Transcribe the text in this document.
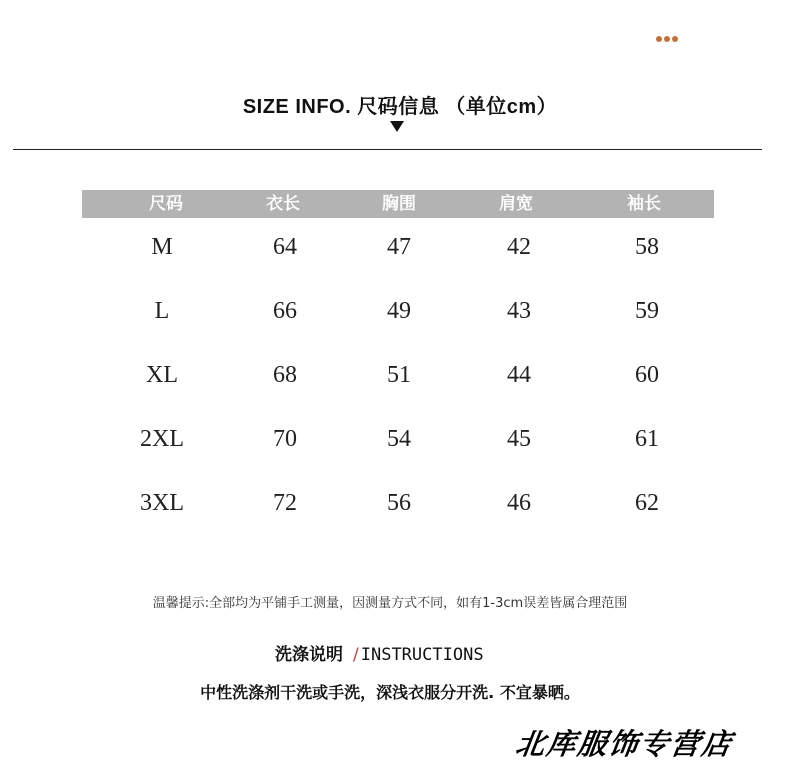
SIZE INFO. 尺码信息 （单位cm）
尺码	衣长	胸围	肩宽	袖长
M	64	47	42	58
L	66	49	43	59
XL	68	51	44	60
2XL	70	54	45	61
3XL	72	56	46	62
温馨提示:全部均为平铺手工测量，因测量方式不同，如有1-3cm误差皆属合理范围
洗涤说明 / INSTRUCTIONS
中性洗涤剂干洗或手洗，深浅衣服分开洗. 不宜暴晒。
北库服饰专营店
